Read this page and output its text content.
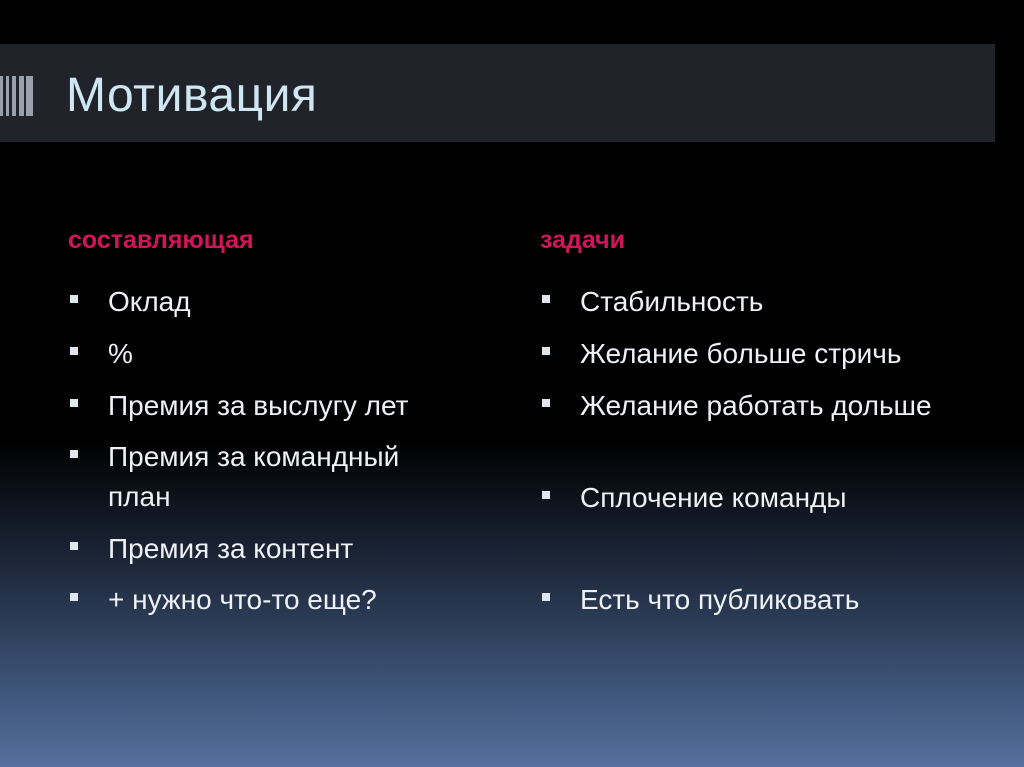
Мотивация
составляющая
Оклад
%
Премия за выслугу лет
Премия за командный план
Премия за контент
+ нужно что-то еще?
задачи
Стабильность
Желание больше стричь
Желание работать дольше
Сплочение команды
Есть что публиковать
